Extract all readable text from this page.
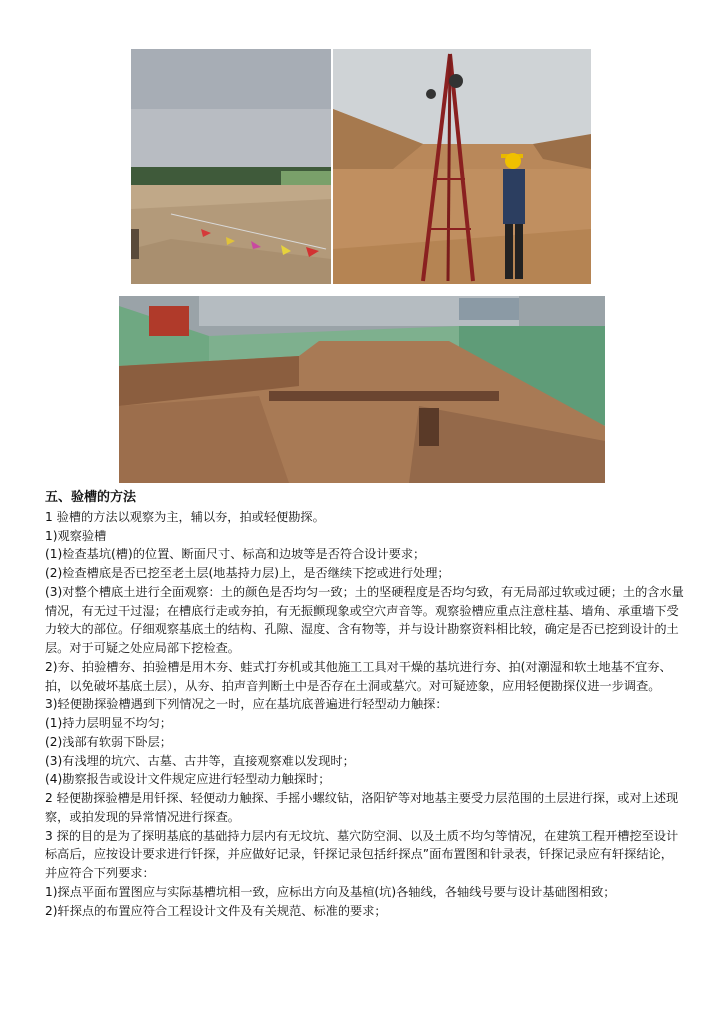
五、验槽的方法

1 验槽的方法以观察为主，辅以夯，拍或轻便勘探。

1)观察验槽

(1)检查基坑(槽)的位置、断面尺寸、标高和边坡等是否符合设计要求；

(2)检查槽底是否已挖至老土层(地基持力层)上，是否继续下挖或进行处理；

(3)对整个槽底土进行全面观察：土的颜色是否均匀一致；土的坚硬程度是否均匀致，有无局部过软或过硬；土的含水量情况，有无过干过湿；在槽底行走或夯拍，有无振颤现象或空穴声音等。观察验槽应重点注意柱基、墙角、承重墙下受力较大的部位。仔细观察基底土的结构、孔隙、湿度、含有物等，并与设计勘察资料相比较，确定是否已挖到设计的土层。对于可疑之处应局部下挖检查。

2)夯、拍验槽夯、拍验槽是用木夯、蛙式打夯机或其他施工工具对干燥的基坑进行夯、拍(对潮湿和软土地基不宜夯、拍，以免破坏基底土层），从夯、拍声音判断土中是否存在土洞或墓穴。对可疑迹象，应用轻便勘探仪进一步调查。

3)轻便勘探验槽遇到下列情况之一时，应在基坑底普遍进行轻型动力触探：

(1)持力层明显不均匀；

(2)浅部有软弱下卧层；

(3)有浅埋的坑穴、古墓、古井等，直接观察难以发现时；

(4)勘察报告或设计文件规定应进行轻型动力触探时；

2 轻便勘探验槽是用钎探、轻便动力触探、手摇小螺纹钻，洛阳铲等对地基主要受力层范围的土层进行探，或对上述现察，或拍发现的异常情况进行探查。

3 探的目的是为了探明基底的基础持力层内有无坟坑、墓穴防空洞、以及土质不均匀等情况，在建筑工程开槽挖至设计标高后，应按设计要求进行钎探，并应做好记录，钎探记录包括纤探点”面布置图和针录表，钎探记录应有轩探结论，并应符合下列要求：

1)探点平面布置图应与实际基槽坑相一致，应标出方向及基楦(坑)各轴线，各轴线号要与设计基础图相致；

2)轩探点的布置应符合工程设计文件及有关规范、标准的要求；
